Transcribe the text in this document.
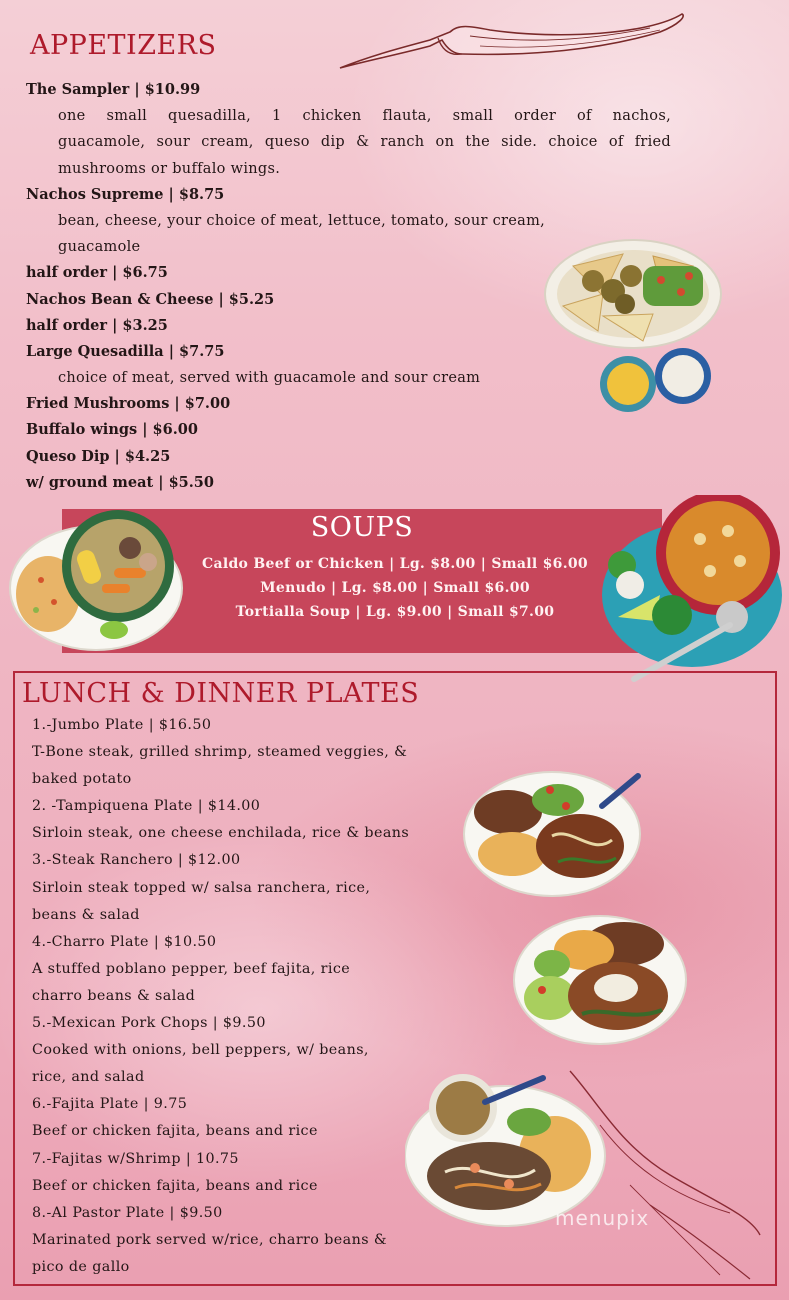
APPETIZERS
The Sampler | $10.99
one small quesadilla, 1 chicken flauta, small order of nachos,
guacamole, sour cream, queso dip & ranch on the side. choice of fried
mushrooms or buffalo wings.
Nachos Supreme | $8.75
bean, cheese, your choice of meat, lettuce, tomato, sour cream,
guacamole
half order | $6.75
Nachos Bean & Cheese | $5.25
half order | $3.25
Large Quesadilla | $7.75
choice of meat, served with guacamole and sour cream
Fried Mushrooms | $7.00
Buffalo wings | $6.00
Queso Dip | $4.25
w/ ground meat | $5.50
SOUPS
Caldo Beef or Chicken | Lg. $8.00 | Small $6.00
Menudo | Lg. $8.00 | Small $6.00
Tortialla Soup | Lg. $9.00 | Small $7.00
LUNCH & DINNER PLATES
1.-Jumbo Plate | $16.50
T-Bone steak, grilled shrimp, steamed veggies, &
baked potato
2. -Tampiquena Plate | $14.00
Sirloin steak, one cheese enchilada, rice & beans
3.-Steak Ranchero | $12.00
Sirloin steak topped w/ salsa ranchera, rice,
beans & salad
4.-Charro Plate | $10.50
A stuffed poblano pepper, beef fajita, rice
charro beans & salad
5.-Mexican Pork Chops | $9.50
Cooked with onions, bell peppers, w/ beans,
rice, and salad
6.-Fajita Plate | 9.75
Beef or chicken fajita, beans and rice
7.-Fajitas w/Shrimp | 10.75
Beef or chicken fajita, beans and rice
8.-Al Pastor Plate | $9.50
Marinated pork served w/rice, charro beans &
pico de gallo
menupix
